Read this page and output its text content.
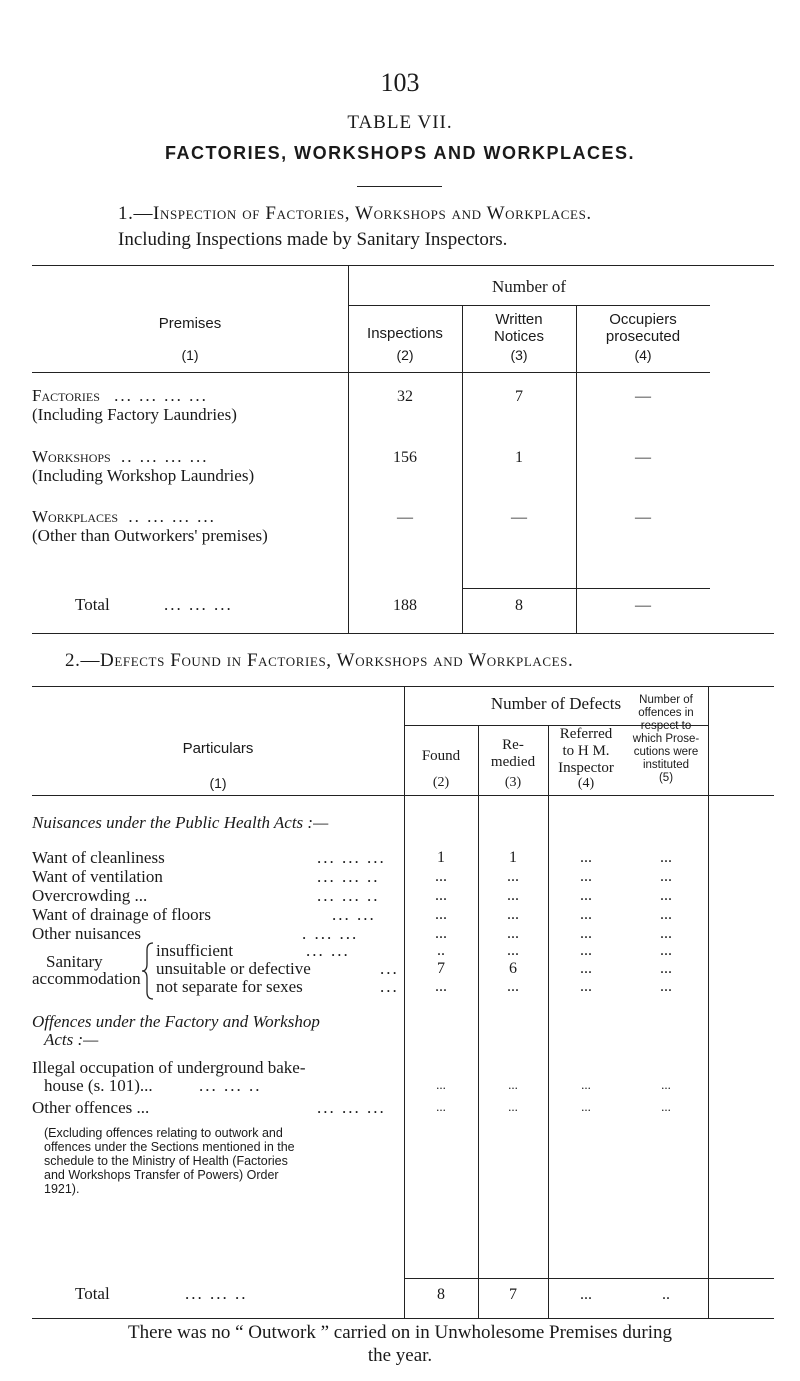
103
TABLE VII.
FACTORIES, WORKSHOPS AND WORKPLACES.
1.—Inspection of Factories, Workshops and Workplaces.
Including Inspections made by Sanitary Inspectors.
Number of
Premises
(1)
Inspections
(2)
Written
Notices
(3)
Occupiers
prosecuted
(4)
Factories ... ... ... ...
(Including Factory Laundries)
32	7	—
Workshops .. ... ... ...
(Including Workshop Laundries)
156	1	—
Workplaces .. ... ... ...
(Other than Outworkers' premises)
—	—	—
Total	... ... ...	188	8	—
2.—Defects Found in Factories, Workshops and Workplaces.
Number of Defects
Particulars
(1)
Found
(2)
Re-
medied
(3)
Referred
to H M.
Inspector
(4)
Number of
offences in
respect to
which Prose-
cutions were
instituted
(5)
Nuisances under the Public Health Acts :—
Want of cleanliness	... ... ...	1	1	...	...
Want of ventilation	... ... ..	...	...	...	...
Overcrowding ...	... ... ..	...	...	...	...
Want of drainage of floors	... ...	...	...	...	...
Other nuisances	. ... ...	...	...	...	...
Sanitary
accommodation
insufficient	... ...	..	...	...	...
unsuitable or defective	...	7	6	...	...
not separate for sexes	...	...	...	...	...
Offences under the Factory and Workshop
Acts :—
Illegal occupation of underground bake-
house (s. 101)...	... ... ..	...	...	...	...
Other offences ...	... ... ...	...	...	...	...
There was no “ Outwork ” carried on in Unwholesome Premises during
the year.
(Excluding offences relating to outwork and
offences under the Sections mentioned in the
schedule to the Ministry of Health (Factories
and Workshops Transfer of Powers) Order
1921).
Total	... ... ..	8	7	...	..
